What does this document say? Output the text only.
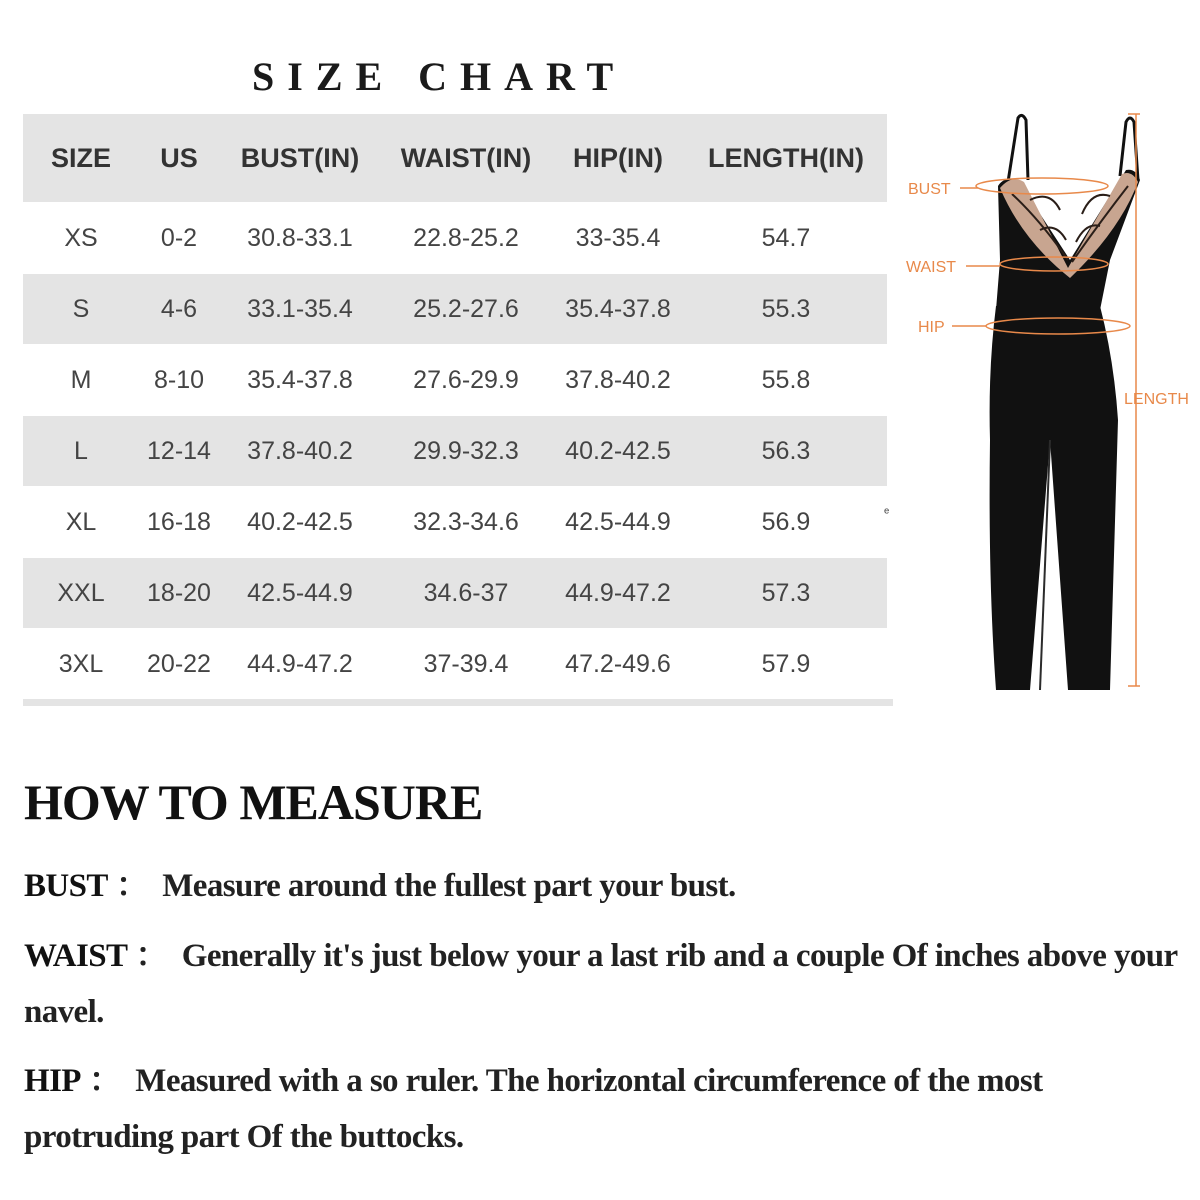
SIZE CHART
SIZE	US	BUST(IN)	WAIST(IN)	HIP(IN)	LENGTH(IN)
XS	0-2	30.8-33.1	22.8-25.2	33-35.4	54.7
S	4-6	33.1-35.4	25.2-27.6	35.4-37.8	55.3
M	8-10	35.4-37.8	27.6-29.9	37.8-40.2	55.8
L	12-14	37.8-40.2	29.9-32.3	40.2-42.5	56.3
XL	16-18	40.2-42.5	32.3-34.6	42.5-44.9	56.9
XXL	18-20	42.5-44.9	34.6-37	44.9-47.2	57.3
3XL	20-22	44.9-47.2	37-39.4	47.2-49.6	57.9
ᵉ
BUST
WAIST
HIP
LENGTH
HOW TO MEASURE
BUST ： Measure around the fullest part your bust.
WAIST ： Generally it's just below your a last rib and a couple Of inches above your navel.
HIP ： Measured with a so ruler. The horizontal circumference of the most protruding part Of the buttocks.
